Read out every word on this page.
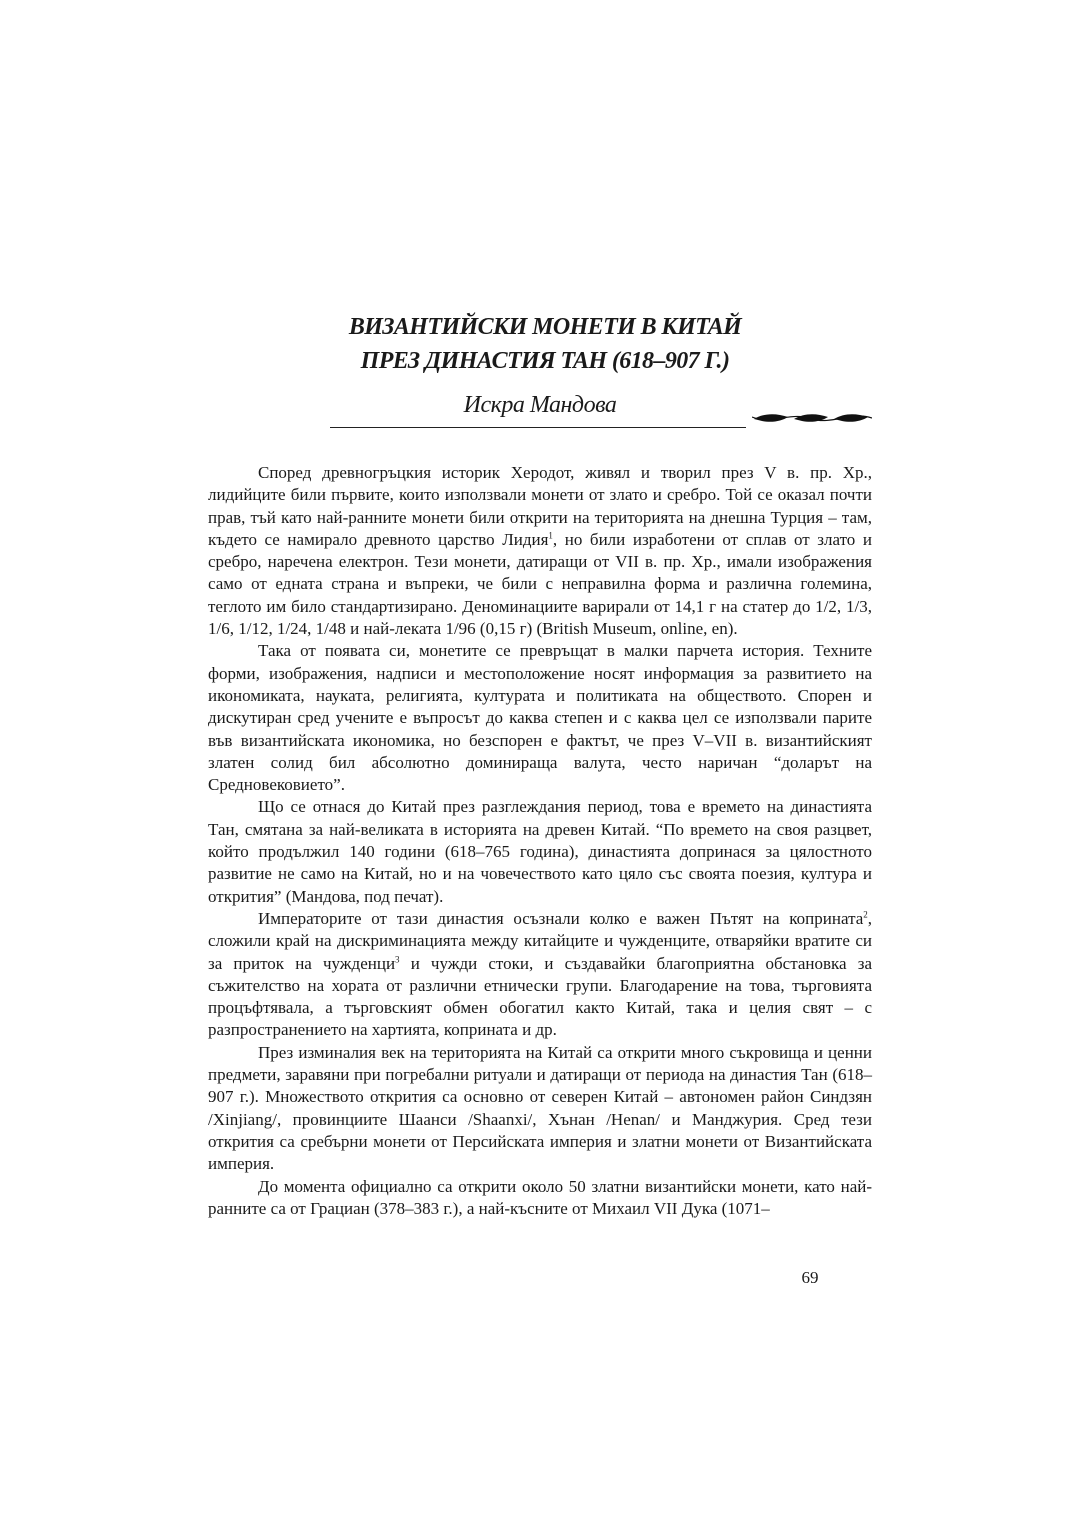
ВИЗАНТИЙСКИ МОНЕТИ В КИТАЙ

ПРЕЗ ДИНАСТИЯ ТАН (618–907 Г.)

Искра Мандова

Според древногръцкия историк Херодот, живял и творил през V в. пр. Хр., лидийците били първите, които използвали монети от злато и сребро. Той се оказал почти прав, тъй като най-ранните монети били открити на територията на днешна Турция – там, където се намирало древното царство Лидия$^1$, но били изработени от сплав от злато и сребро, наречена електрон. Тези монети, датиращи от VII в. пр. Хр., имали изображения само от едната страна и въпреки, че били с неправилна форма и различна големина, теглото им било стандартизирано. Деноминациите варирали от 14,1 г на статер до 1/2, 1/3, 1/6, 1/12, 1/24, 1/48 и най-леката 1/96 (0,15 г) (British Museum, online, en).

Така от появата си, монетите се превръщат в малки парчета история. Техните форми, изображения, надписи и местоположение носят информация за развитието на икономиката, науката, религията, културата и политиката на обществото. Спорен и дискутиран сред учените е въпросът до каква степен и с каква цел се използвали парите във византийската икономика, но безспорен е фактът, че през V–VII в. византийският златен солид бил абсолютно доминираща валута, често наричан “доларът на Средновековието”.

Що се отнася до Китай през разглеждания период, това е времето на династията Тан, смятана за най-великата в историята на древен Китай. “По времето на своя разцвет, който продължил 140 години (618–765 година), династията допринася за цялостното развитие не само на Китай, но и на човечеството като цяло със своята поезия, култура и открития” (Мандова, под печат).

Императорите от тази династия осъзнали колко е важен Пътят на коприната$^2$, сложили край на дискриминацията между китайците и чужденците, отваряйки вратите си за приток на чужденци$^3$ и чужди стоки, и създавайки благоприятна обстановка за съжителство на хората от различни етнически групи. Благодарение на това, търговията процъфтявала, а търговският обмен обогатил както Китай, така и целия свят – с разпространението на хартията, коприната и др.

През изминалия век на територията на Китай са открити много съкровища и ценни предмети, заравяни при погребални ритуали и датиращи от периода на династия Тан (618–907 г.). Множеството открития са основно от северен Китай – автономен район Синдзян /Xinjiang/, провинциите Шаанси /Shaanxi/, Хънан /Henan/ и Манджурия. Сред тези открития са сребърни монети от Персийската империя и златни монети от Византийската империя.

До момента официално са открити около 50 златни византийски монети, като най-ранните са от Грациан (378–383 г.), а най-късните от Михаил VII Дука (1071–

69
